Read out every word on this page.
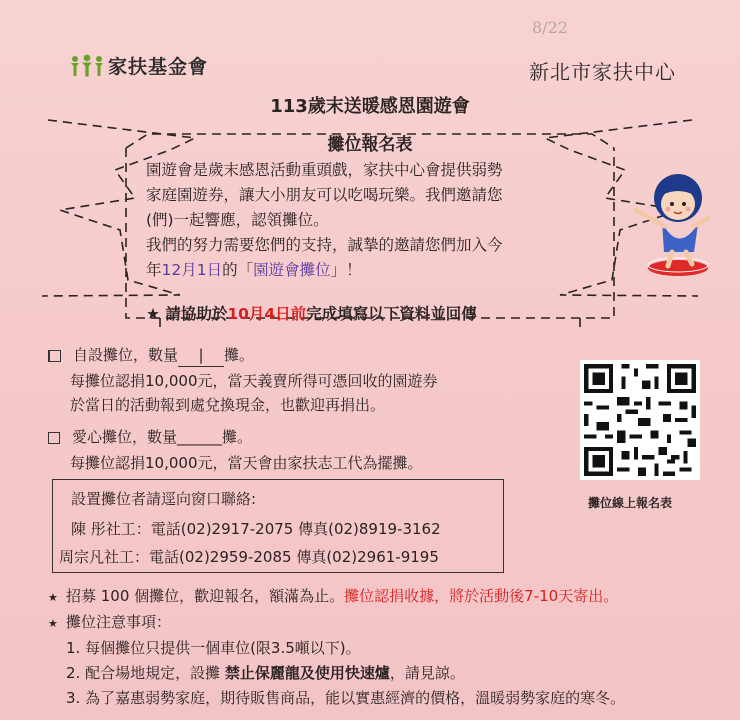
8/22
家扶基金會	新北市家扶中心
113歲末送暖感恩園遊會
攤位報名表

園遊會是歲末感恩活動重頭戲，家扶中心會提供弱勢

家庭園遊券，讓大小朋友可以吃喝玩樂。我們邀請您

(們)一起響應，認領攤位。

我們的努力需要您們的支持，誠摯的邀請您們加入今

年12月1日的「園遊會攤位」！

★ 請協助於10月4日前完成填寫以下資料並回傳
自設攤位，數量 | 攤。
每攤位認捐10,000元，當天義賣所得可憑回收的園遊券
於當日的活動報到處兌換現金，也歡迎再捐出。
愛心攤位，數量______攤。
每攤位認捐10,000元，當天會由家扶志工代為擺攤。
攤位線上報名表
設置攤位者請逕向窗口聯絡:
陳 彤社工：電話(02)2917-2075 傳真(02)8919-3162
周宗凡社工：電話(02)2959-2085 傳真(02)2961-9195
★ 招募 100 個攤位，歡迎報名，額滿為止。攤位認捐收據，將於活動後7-10天寄出。
★ 攤位注意事項：
1. 每個攤位只提供一個車位(限3.5噸以下)。
2. 配合場地規定，設攤 禁止保麗龍及使用快速爐，請見諒。
3. 為了嘉惠弱勢家庭，期待販售商品，能以實惠經濟的價格，溫暖弱勢家庭的寒冬。
